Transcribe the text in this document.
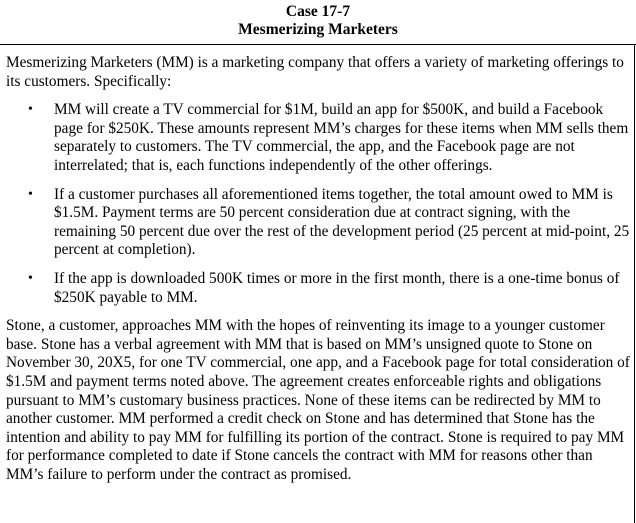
Case 17-7
Mesmerizing Marketers

Mesmerizing Marketers (MM) is a marketing company that offers a variety of marketing offerings to its customers. Specifically:

• MM will create a TV commercial for $1M, build an app for $500K, and build a Facebook page for $250K. These amounts represent MM’s charges for these items when MM sells them separately to customers. The TV commercial, the app, and the Facebook page are not interrelated; that is, each functions independently of the other offerings.
• If a customer purchases all aforementioned items together, the total amount owed to MM is $1.5M. Payment terms are 50 percent consideration due at contract signing, with the remaining 50 percent due over the rest of the development period (25 percent at mid-point, 25 percent at completion).
• If the app is downloaded 500K times or more in the first month, there is a one-time bonus of $250K payable to MM.

Stone, a customer, approaches MM with the hopes of reinventing its image to a younger customer base. Stone has a verbal agreement with MM that is based on MM’s unsigned quote to Stone on November 30, 20X5, for one TV commercial, one app, and a Facebook page for total consideration of $1.5M and payment terms noted above. The agreement creates enforceable rights and obligations pursuant to MM’s customary business practices. None of these items can be redirected by MM to another customer. MM performed a credit check on Stone and has determined that Stone has the intention and ability to pay MM for fulfilling its portion of the contract. Stone is required to pay MM for performance completed to date if Stone cancels the contract with MM for reasons other than MM’s failure to perform under the contract as promised.
